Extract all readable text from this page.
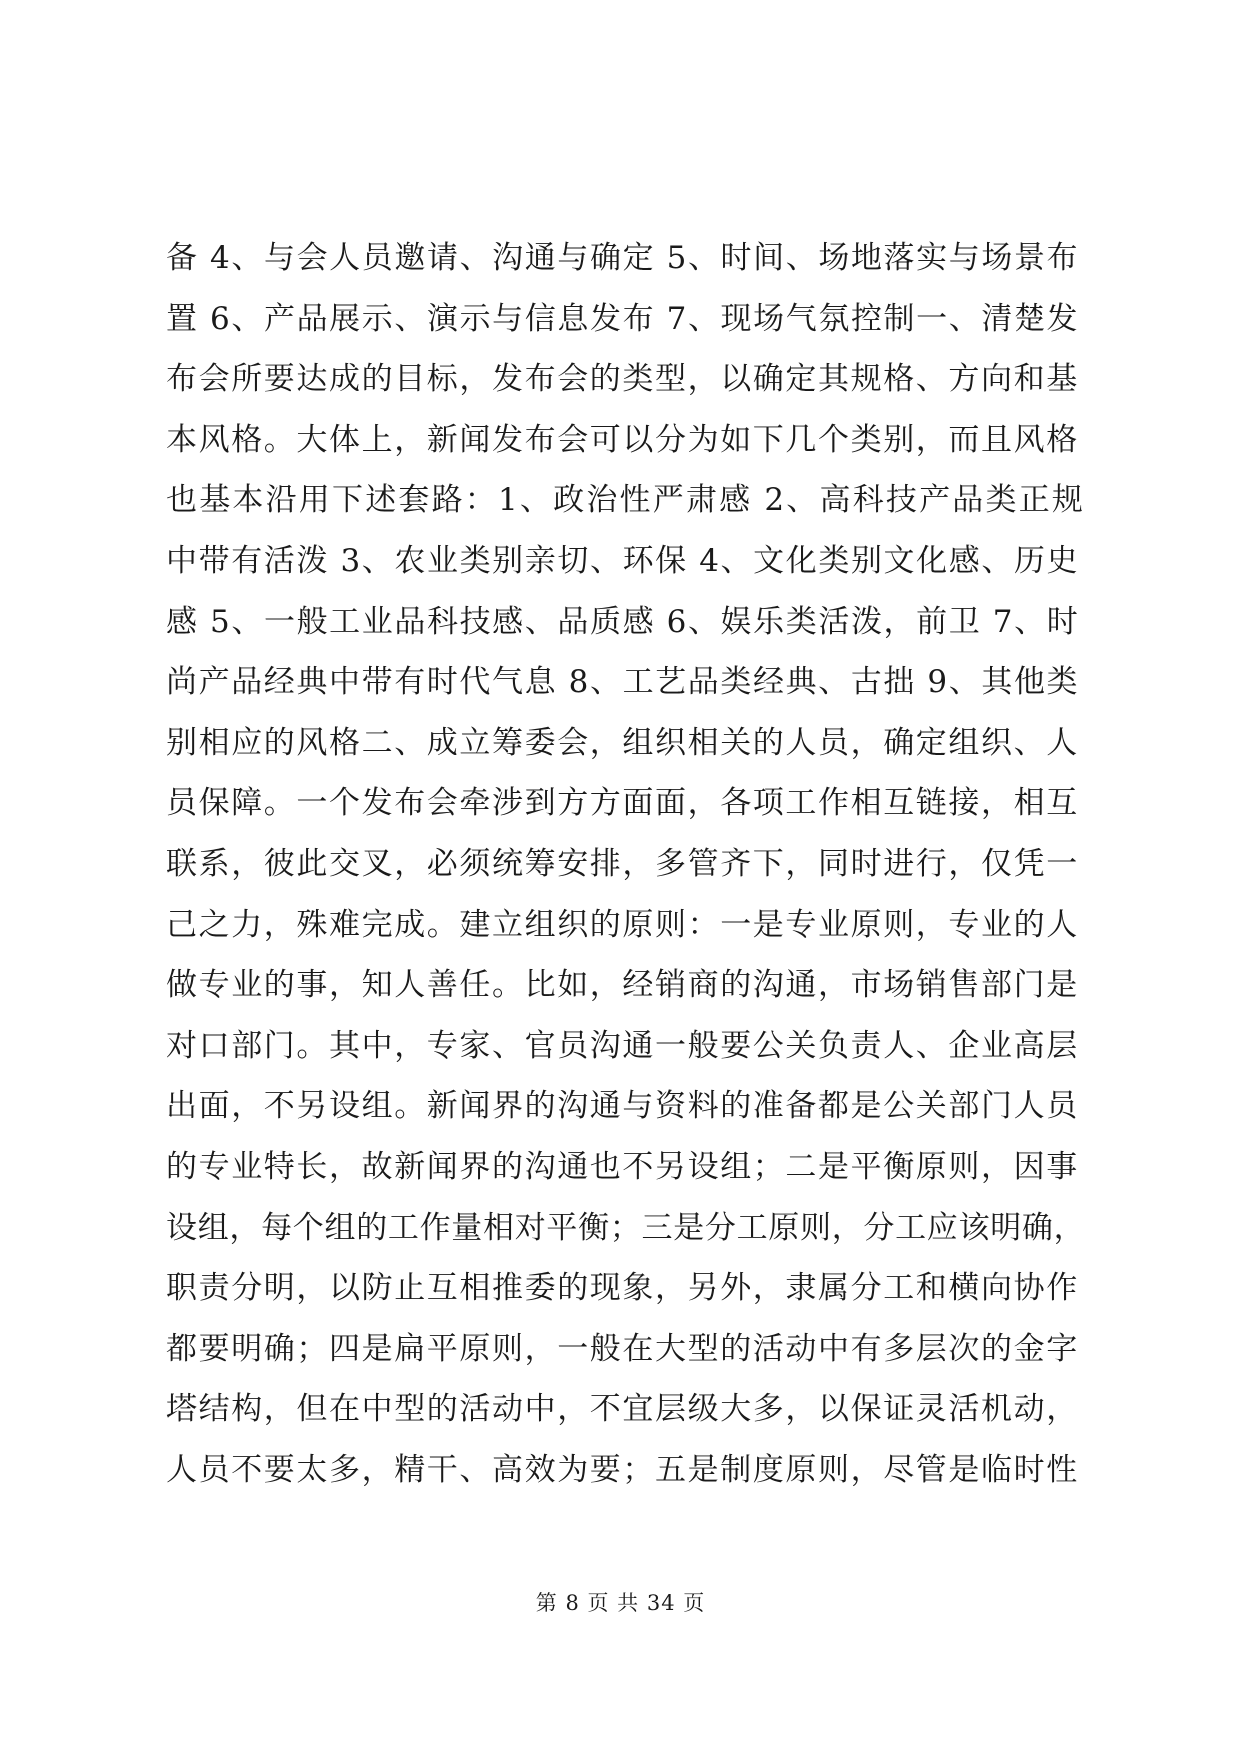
备 4、与会人员邀请、沟通与确定 5、时间、场地落实与场景布
置 6、产品展示、演示与信息发布 7、现场气氛控制一、清楚发
布会所要达成的目标，发布会的类型，以确定其规格、方向和基
本风格。大体上，新闻发布会可以分为如下几个类别，而且风格
也基本沿用下述套路：1、政治性严肃感 2、高科技产品类正规
中带有活泼 3、农业类别亲切、环保 4、文化类别文化感、历史
感 5、一般工业品科技感、品质感 6、娱乐类活泼，前卫 7、时
尚产品经典中带有时代气息 8、工艺品类经典、古拙 9、其他类
别相应的风格二、成立筹委会，组织相关的人员，确定组织、人
员保障。一个发布会牵涉到方方面面，各项工作相互链接，相互
联系，彼此交叉，必须统筹安排，多管齐下，同时进行，仅凭一
己之力，殊难完成。建立组织的原则：一是专业原则，专业的人
做专业的事，知人善任。比如，经销商的沟通，市场销售部门是
对口部门。其中，专家、官员沟通一般要公关负责人、企业高层
出面，不另设组。新闻界的沟通与资料的准备都是公关部门人员
的专业特长，故新闻界的沟通也不另设组；二是平衡原则，因事
设组，每个组的工作量相对平衡；三是分工原则，分工应该明确，
职责分明，以防止互相推委的现象，另外，隶属分工和横向协作
都要明确；四是扁平原则，一般在大型的活动中有多层次的金字
塔结构，但在中型的活动中，不宜层级大多，以保证灵活机动，
人员不要太多，精干、高效为要；五是制度原则，尽管是临时性
第 8 页 共 34 页
